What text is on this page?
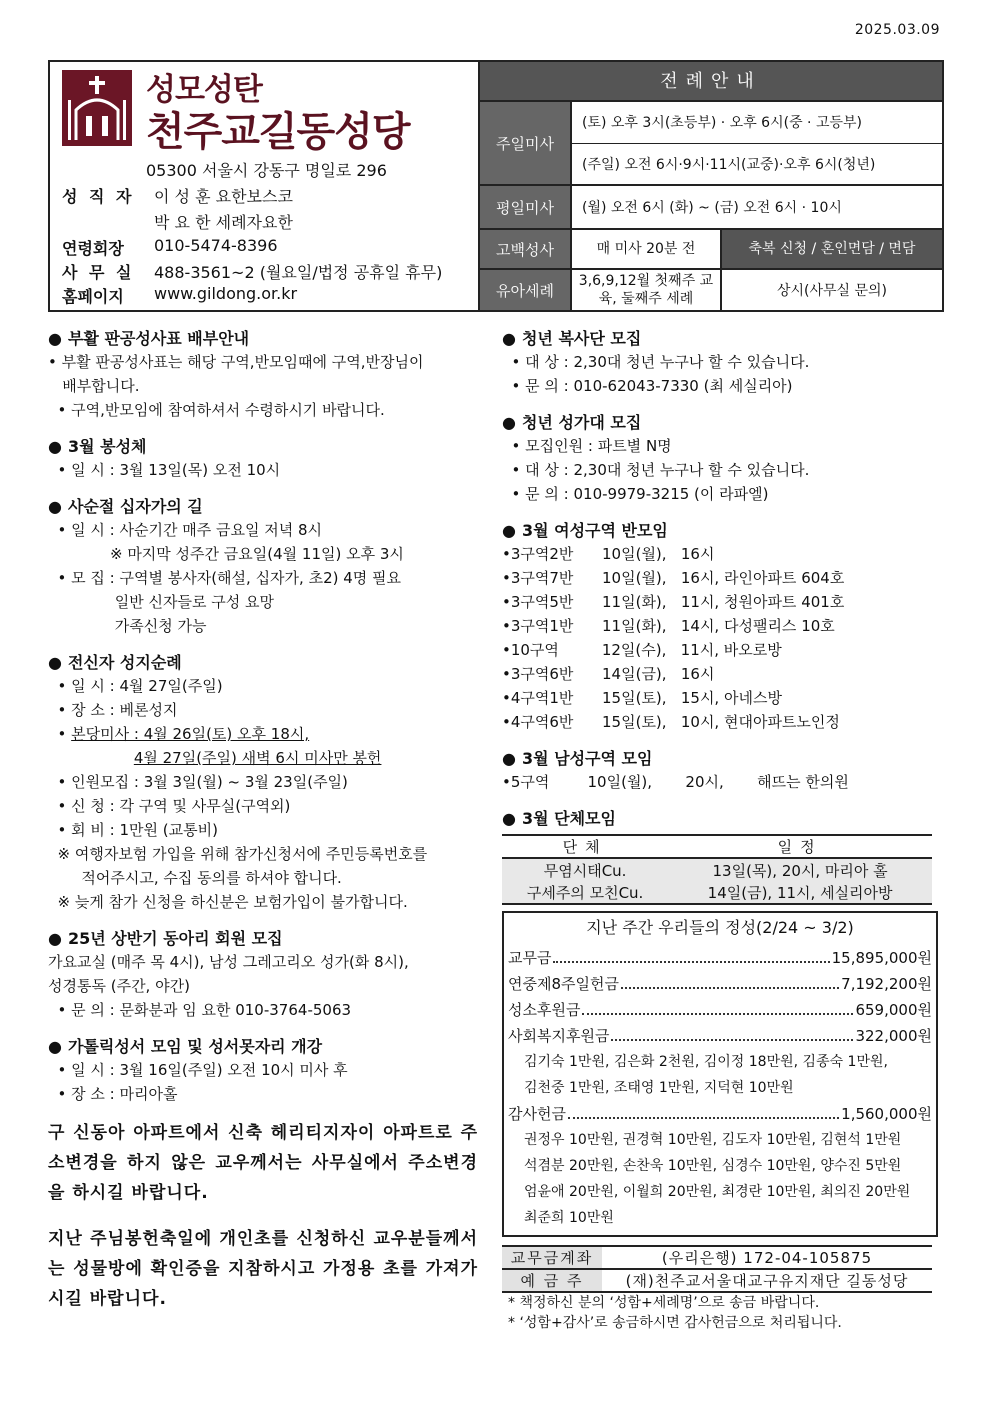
2025.03.09
성모성탄
천주교길동성당
05300 서울시 강동구 명일로 296
성 직 자	이 성 훈 요한보스코
박 요 한 세례자요한
연령회장	010-5474-8396
사 무 실	488-3561~2 (월요일/법정 공휴일 휴무)
홈페이지	www.gildong.or.kr
전례안내
주일미사
(토) 오후 3시(초등부) · 오후 6시(중 · 고등부)
(주일) 오전 6시·9시·11시(교중)·오후 6시(청년)
평일미사	(월) 오전 6시 (화) ~ (금) 오전 6시 · 10시
고백성사	매 미사 20분 전	축복 신청 / 혼인면담 / 면담
유아세례
3,6,9,12월 첫째주 교육, 둘째주 세례	상시(사무실 문의)
● 부활 판공성사표 배부안내
• 부활 판공성사표는 해당 구역,반모임때에 구역,반장님이
배부합니다.
• 구역,반모임에 참여하셔서 수령하시기 바랍니다.
● 3월 봉성체
• 일 시 : 3월 13일(목) 오전 10시
● 사순절 십자가의 길
• 일 시 : 사순기간 매주 금요일 저녁 8시
※ 마지막 성주간 금요일(4월 11일) 오후 3시
• 모 집 : 구역별 봉사자(해설, 십자가, 초2) 4명 필요
일반 신자들로 구성 요망
가족신청 가능
● 전신자 성지순례
• 일 시 : 4월 27일(주일)
• 장 소 : 베론성지
• 본당미사 : 4월 26일(토) 오후 18시,
4월 27일(주일) 새벽 6시 미사만 봉헌
• 인원모집 : 3월 3일(월) ~ 3월 23일(주일)
• 신 청 : 각 구역 및 사무실(구역외)
• 회 비 : 1만원 (교통비)
※ 여행자보험 가입을 위해 참가신청서에 주민등록번호를
적어주시고, 수집 동의를 하셔야 합니다.
※ 늦게 참가 신청을 하신분은 보험가입이 불가합니다.
● 25년 상반기 동아리 회원 모집
가요교실 (매주 목 4시), 남성 그레고리오 성가(화 8시),
성경통독 (주간, 야간)
• 문 의 : 문화분과 임 요한 010-3764-5063
● 가톨릭성서 모임 및 성서못자리 개강
• 일 시 : 3월 16일(주일) 오전 10시 미사 후
• 장 소 : 마리아홀
구 신동아 아파트에서 신축 헤리티지자이 아파트로 주소변경을 하지 않은 교우께서는 사무실에서 주소변경을 하시길 바랍니다.
지난 주님봉헌축일에 개인초를 신청하신 교우분들께서는 성물방에 확인증을 지참하시고 가정용 초를 가져가시길 바랍니다.
● 청년 복사단 모집
• 대 상 : 2,30대 청년 누구나 할 수 있습니다.
• 문 의 : 010-62043-7330 (최 세실리아)
● 청년 성가대 모집
• 모집인원 : 파트별 N명
• 대 상 : 2,30대 청년 누구나 할 수 있습니다.
• 문 의 : 010-9979-3215 (이 라파엘)
● 3월 여성구역 반모임
•3구역2반      10일(월),   16시
•3구역7반      10일(월),   16시, 라인아파트 604호
•3구역5반      11일(화),   11시, 청원아파트 401호
•3구역1반      11일(화),   14시, 다성팰리스 10호
•10구역         12일(수),   11시, 바오로방
•3구역6반      14일(금),   16시
•4구역1반      15일(토),   15시, 아네스방
•4구역6반      15일(토),   10시, 현대아파트노인정
● 3월 남성구역 모임
•5구역        10일(월),       20시,       해뜨는 한의원
● 3월 단체모임
단체	일정
무염시태Cu.	13일(목), 20시, 마리아 홀
구세주의 모친Cu.	14일(금), 11시, 세실리아방
지난 주간 우리들의 정성(2/24 ~ 3/2)
교무금	15,895,000원
연중제8주일헌금	7,192,200원
성소후원금	659,000원
사회복지후원금	322,000원
김기숙 1만원, 김은화 2천원, 김이정 18만원, 김종숙 1만원,
김천중 1만원, 조태영 1만원, 지덕현 10만원
감사헌금	1,560,000원
권정우 10만원, 권경혁 10만원, 김도자 10만원, 김현석 1만원
석겸분 20만원, 손찬욱 10만원, 심경수 10만원, 양수진 5만원
엄윤애 20만원, 이월희 20만원, 최경란 10만원, 최의진 20만원
최준희 10만원
교무금계좌	(우리은행) 172-04-105875
예 금 주	(재)천주교서울대교구유지재단 길동성당
* 책정하신 분의 ‘성함+세례명’으로 송금 바랍니다.
* ‘성함+감사’로 송금하시면 감사헌금으로 처리됩니다.
